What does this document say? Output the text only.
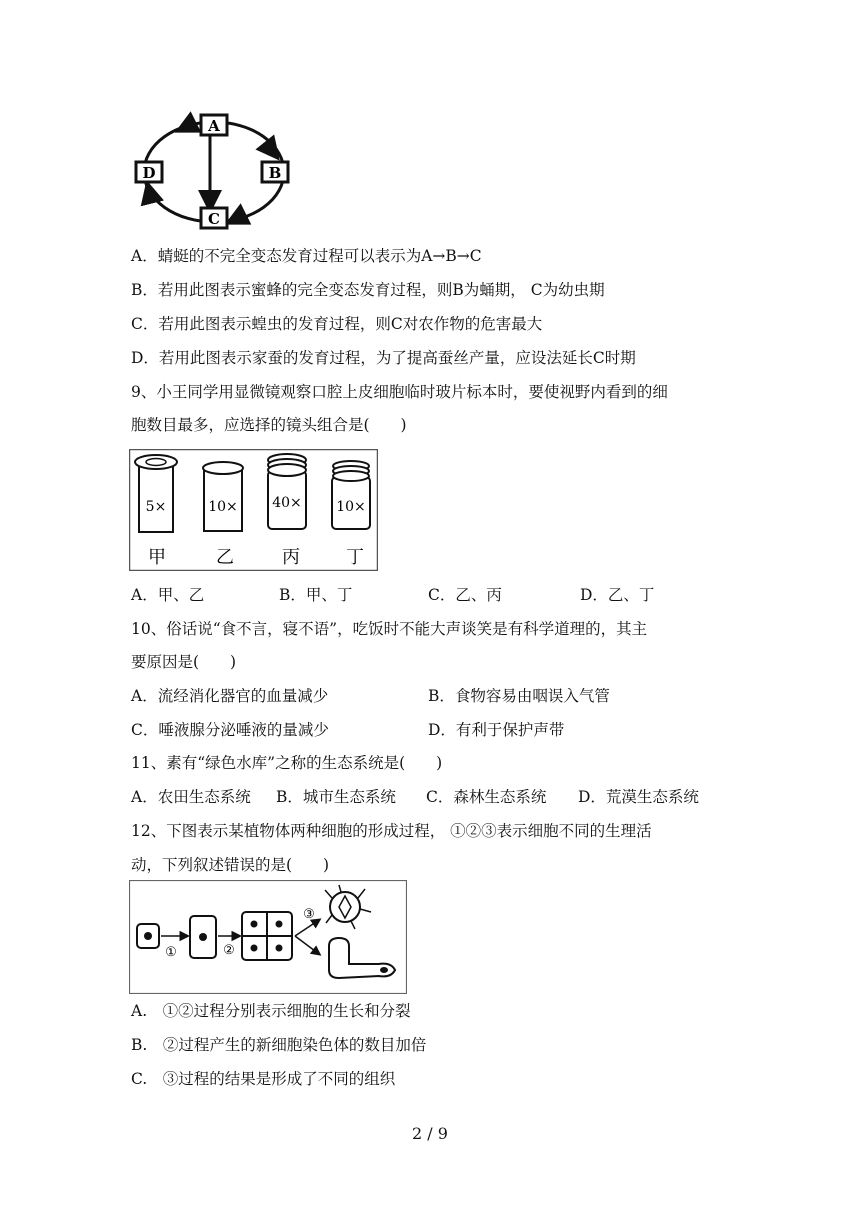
A
B
C
D
A．蜻蜓的不完全变态发育过程可以表示为A→B→C
B．若用此图表示蜜蜂的完全变态发育过程，则B为蛹期， C为幼虫期
C．若用此图表示蝗虫的发育过程，则C对农作物的危害最大
D．若用此图表示家蚕的发育过程，为了提高蚕丝产量，应设法延长C时期
9、小王同学用显微镜观察口腔上皮细胞临时玻片标本时，要使视野内看到的细
胞数目最多，应选择的镜头组合是(　　)
5×
甲
10×
乙
40×
丙
10×
丁
A．甲、乙	B．甲、丁	C．乙、丙	D．乙、丁
10、俗话说“食不言，寝不语”，吃饭时不能大声谈笑是有科学道理的，其主
要原因是(　　)
A．流经消化器官的血量减少	B．食物容易由咽误入气管
C．唾液腺分泌唾液的量减少	D．有利于保护声带
11、素有“绿色水库”之称的生态系统是(　　)
A．农田生态系统 B．城市生态系统 C．森林生态系统 D．荒漠生态系统
12、下图表示某植物体两种细胞的形成过程， ①②③表示细胞不同的生理活
动，下列叙述错误的是(　　)
①	②
③
A.　①②过程分别表示细胞的生长和分裂
B.　②过程产生的新细胞染色体的数目加倍
C.　③过程的结果是形成了不同的组织
2 / 9
